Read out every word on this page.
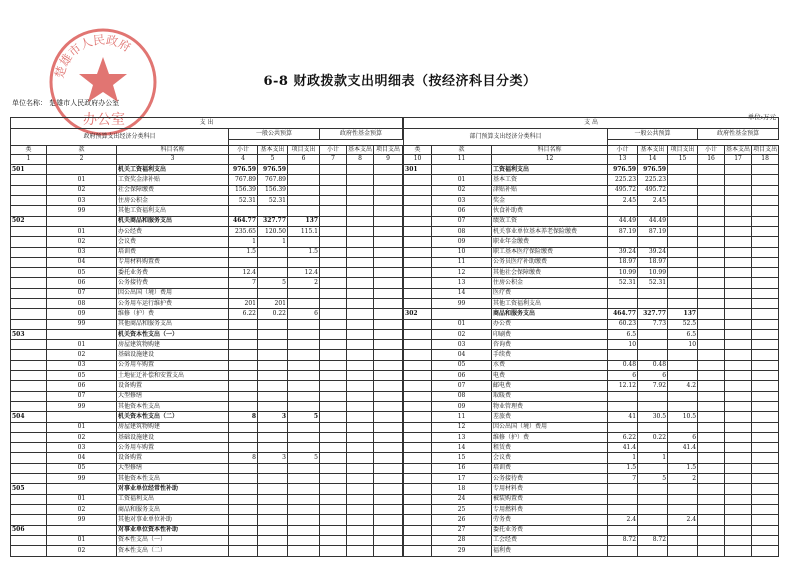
6-8 财政拨款支出明细表（按经济科目分类）
单位名称： 楚雄市人民政府办公室
单位:万元
楚雄市人民政府
办公室	支 出								
政府预算支出经济分类科目			一般公共预算			政府性基金预算		

类	款	科目名称	小计	基本支出	项目支出	小计	基本支出	项目支出
1	2	3	4	5	6	7	8	9
501		机关工资福利支出	976.59	976.59				
	01	工资奖金津补贴	767.89	767.89				
	02	社会保障缴费	156.39	156.39				
	03	住房公积金	52.31	52.31				
	99	其他工资福利支出						
502		机关商品和服务支出	464.77	327.77	137			
	01	办公经费	235.65	120.50	115.1			
	02	会议费	1	1				
	03	培训费	1.5		1.5			
	04	专用材料购置费						
	05	委托业务费	12.4		12.4			
	06	公务接待费	7	5	2			
	07	因公出国（境）费用						
	08	公务用车运行维护费	201	201				
	09	维修（护）费	6.22	0.22	6			
	99	其他商品和服务支出						
503		机关资本性支出（一）						
	01	房屋建筑物购建						
	02	基础设施建设						
	03	公务用车购置						
	05	土地征迁补偿和安置支出						
	06	设备购置						
	07	大型修缮						
	99	其他资本性支出						
504		机关资本性支出（二）	8	3	5			
	01	房屋建筑物购建						
	02	基础设施建设						
	03	公务用车购置						
	04	设备购置	8	3	5			
	05	大型修缮						
	99	其他资本性支出						
505		对事业单位经常性补助						
	01	工资福利支出						
	02	商品和服务支出						
	99	其他对事业单位补助						
506		对事业单位资本性补助						
	01	资本性支出（一）						
	02	资本性支出（二）						
支 出								
部门预算支出经济分类科目			一般公共预算			政府性基金预算		

类	款	科目名称	小计	基本支出	项目支出	小计	基本支出	项目支出
10	11	12	13	14	15	16	17	18
301		工资福利支出	976.59	976.59				
	01	基本工资	225.23	225.23				
	02	津贴补贴	495.72	495.72				
	03	奖金	2.45	2.45				
	06	伙食补助费						
	07	绩效工资	44.49	44.49				
	08	机关事业单位基本养老保险缴费	87.19	87.19				
	09	职业年金缴费						
	10	职工基本医疗保险缴费	39.24	39.24				
	11	公务员医疗补助缴费	18.97	18.97				
	12	其他社会保障缴费	10.99	10.99				
	13	住房公积金	52.31	52.31				
	14	医疗费						
	99	其他工资福利支出						
302		商品和服务支出	464.77	327.77	137			
	01	办公费	60.23	7.73	52.5			
	02	印刷费	6.5		6.5			
	03	咨询费	10		10			
	04	手续费						
	05	水费	0.48	0.48				
	06	电费	6	6				
	07	邮电费	12.12	7.92	4.2			
	08	取暖费						
	09	物业管理费						
	11	差旅费	41	30.5	10.5			
	12	因公出国（境）费用						
	13	维修（护）费	6.22	0.22	6			
	14	租赁费	41.4		41.4			
	15	会议费	1	1				
	16	培训费	1.5		1.5			
	17	公务接待费	7	5	2			
	18	专用材料费						
	24	被装购置费						
	25	专用燃料费						
	26	劳务费	2.4		2.4			
	27	委托业务费						
	28	工会经费	8.72	8.72				
	29	福利费						
